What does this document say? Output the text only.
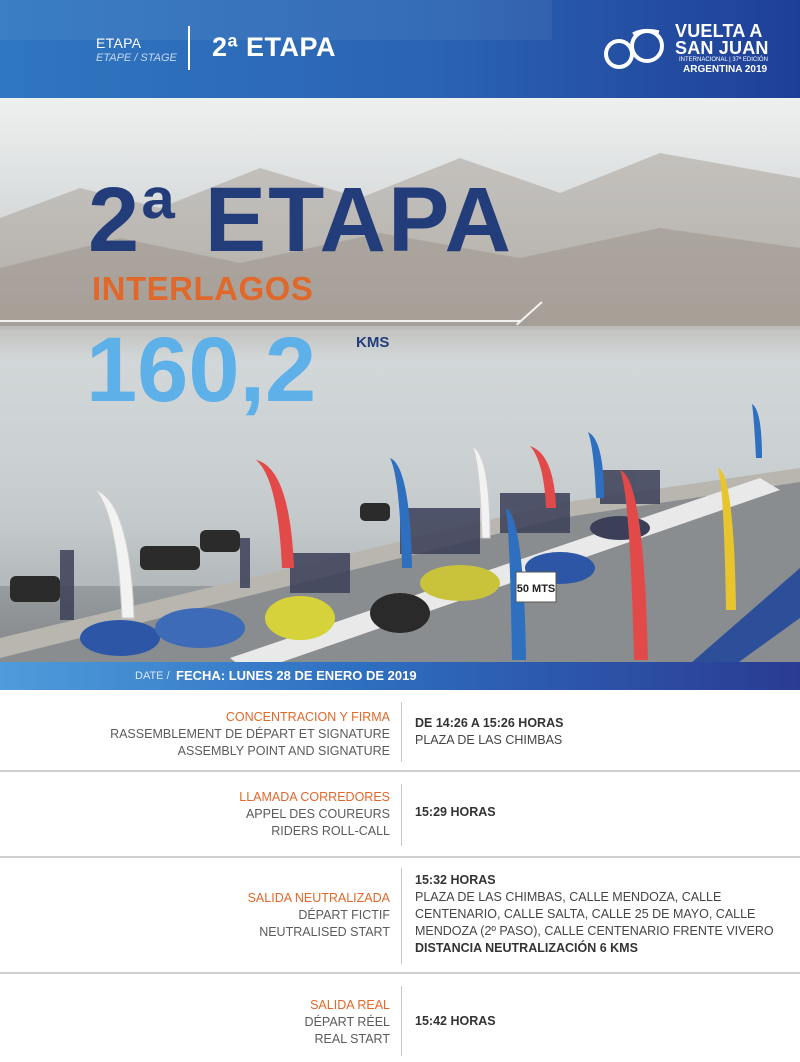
ETAPA
ETAPE / STAGE 2ª ETAPA
VUELTA A
SAN JUAN
INTERNACIONAL | 37ª EDICIÓN
ARGENTINA 2019
50 MTS
2ª ETAPA
INTERLAGOS
160,2	KMS
DATE / FECHA: LUNES 28 DE ENERO DE 2019
CONCENTRACION Y FIRMA
RASSEMBLEMENT DE DÉPART ET SIGNATURE
ASSEMBLY POINT AND SIGNATURE
DE 14:26 A 15:26 HORAS
PLAZA DE LAS CHIMBAS
LLAMADA CORREDORES
APPEL DES COUREURS
RIDERS ROLL-CALL
15:29 HORAS
SALIDA NEUTRALIZADA
DÉPART FICTIF
NEUTRALISED START
15:32 HORAS
PLAZA DE LAS CHIMBAS, CALLE MENDOZA, CALLE
CENTENARIO, CALLE SALTA, CALLE 25 DE MAYO, CALLE
MENDOZA (2º PASO), CALLE CENTENARIO FRENTE VIVERO
DISTANCIA NEUTRALIZACIÓN 6 KMS
SALIDA REAL
DÉPART RÉEL
REAL START
15:42 HORAS
